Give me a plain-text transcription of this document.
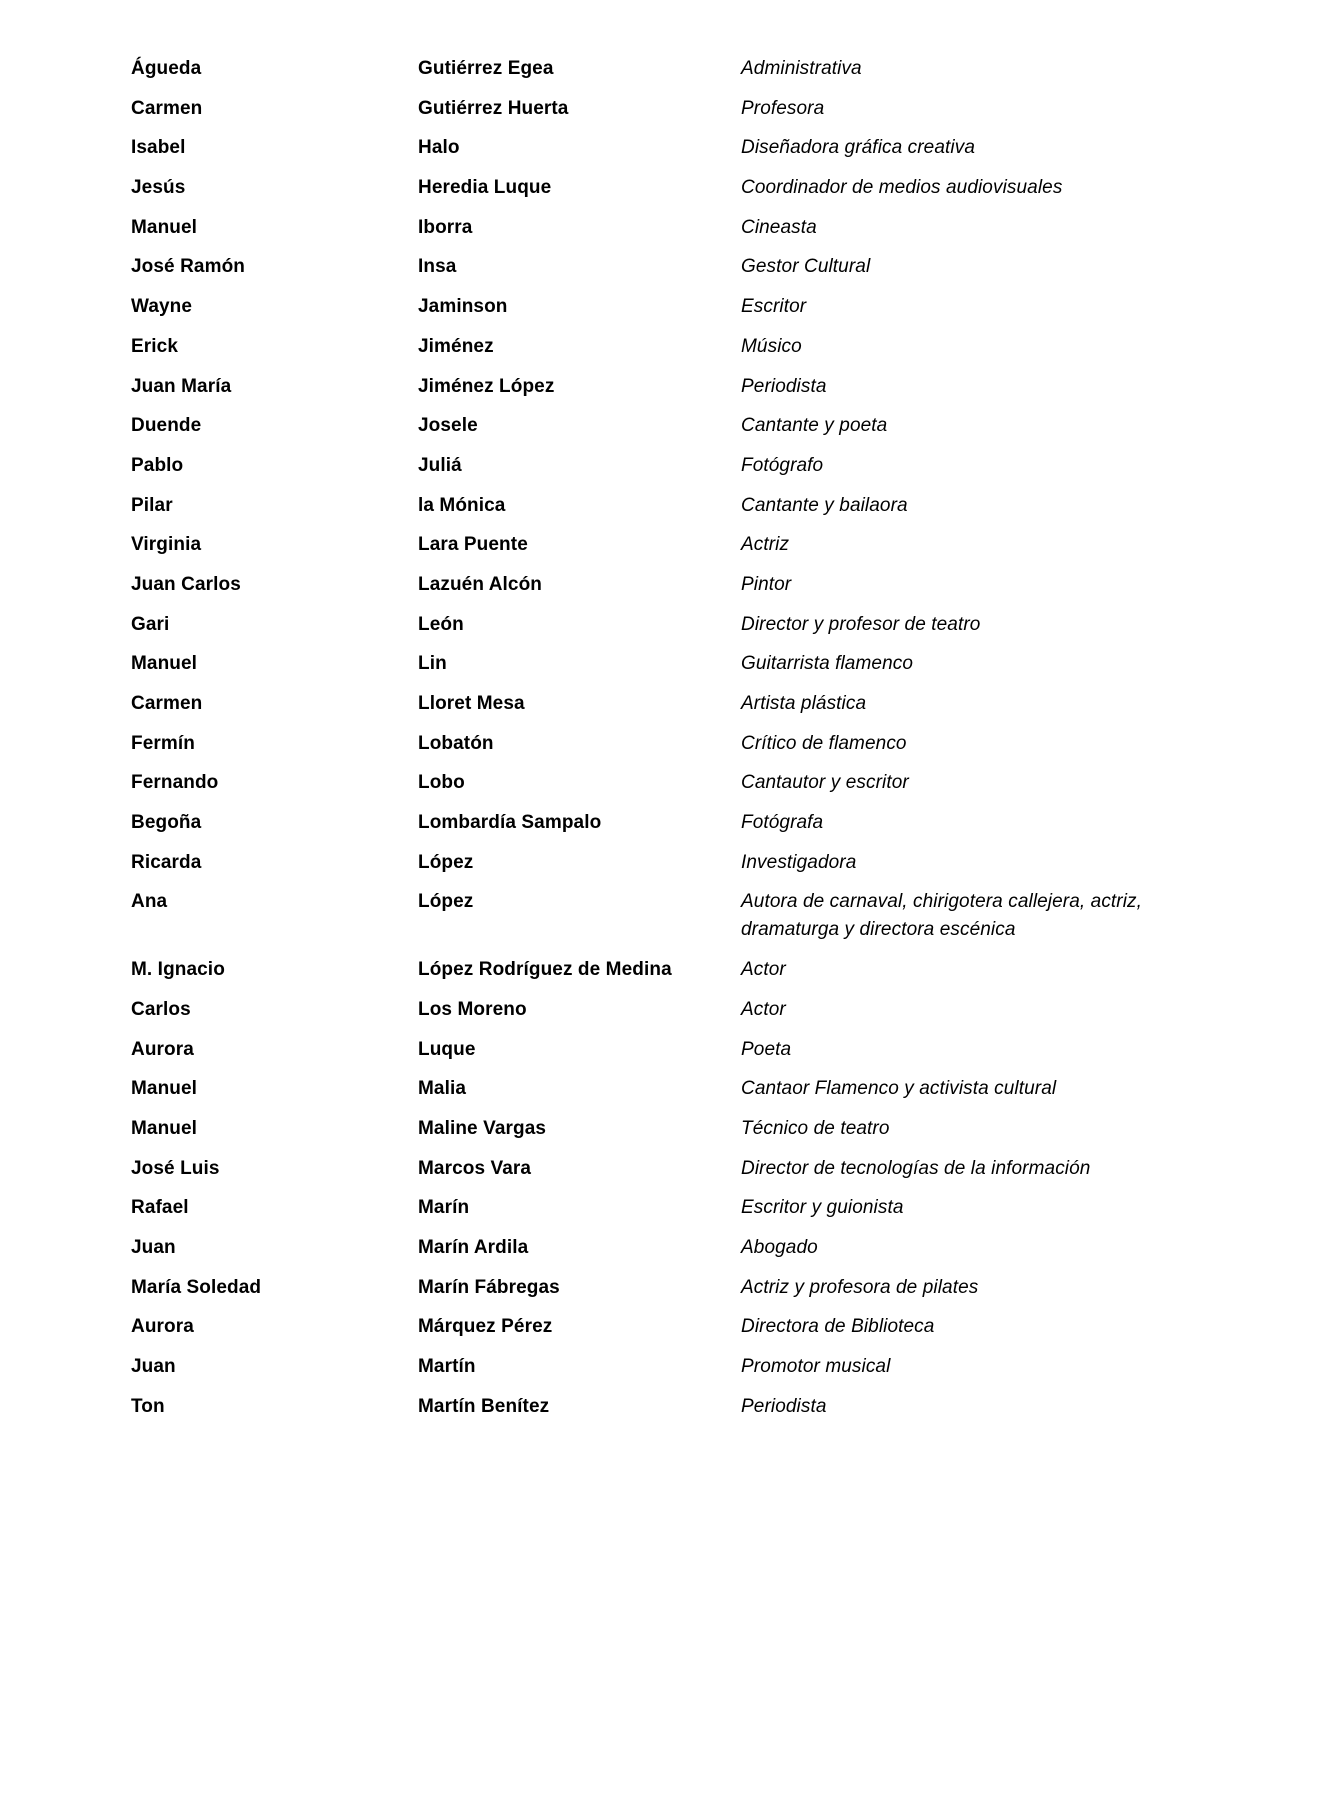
Águeda	Gutiérrez Egea	Administrativa
Carmen	Gutiérrez Huerta	Profesora
Isabel	Halo	Diseñadora gráfica creativa
Jesús	Heredia Luque	Coordinador de medios audiovisuales
Manuel	Iborra	Cineasta
José Ramón	Insa	Gestor Cultural
Wayne	Jaminson	Escritor
Erick	Jiménez	Músico
Juan María	Jiménez López	Periodista
Duende	Josele	Cantante y poeta
Pablo	Juliá	Fotógrafo
Pilar	la Mónica	Cantante y bailaora
Virginia	Lara Puente	Actriz
Juan Carlos	Lazuén Alcón	Pintor
Gari	León	Director y profesor de teatro
Manuel	Lin	Guitarrista flamenco
Carmen	Lloret Mesa	Artista plástica
Fermín	Lobatón	Crítico de flamenco
Fernando	Lobo	Cantautor y escritor
Begoña	Lombardía Sampalo	Fotógrafa
Ricarda	López	Investigadora
Ana	López	Autora de carnaval, chirigotera callejera, actriz, dramaturga y directora escénica
M. Ignacio	López Rodríguez de Medina	Actor
Carlos	Los Moreno	Actor
Aurora	Luque	Poeta
Manuel	Malia	Cantaor Flamenco y activista cultural
Manuel	Maline Vargas	Técnico de teatro
José Luis	Marcos Vara	Director de tecnologías de la información
Rafael	Marín	Escritor y guionista
Juan	Marín Ardila	Abogado
María Soledad	Marín Fábregas	Actriz y profesora de pilates
Aurora	Márquez Pérez	Directora de Biblioteca
Juan	Martín	Promotor musical
Ton	Martín Benítez	Periodista
